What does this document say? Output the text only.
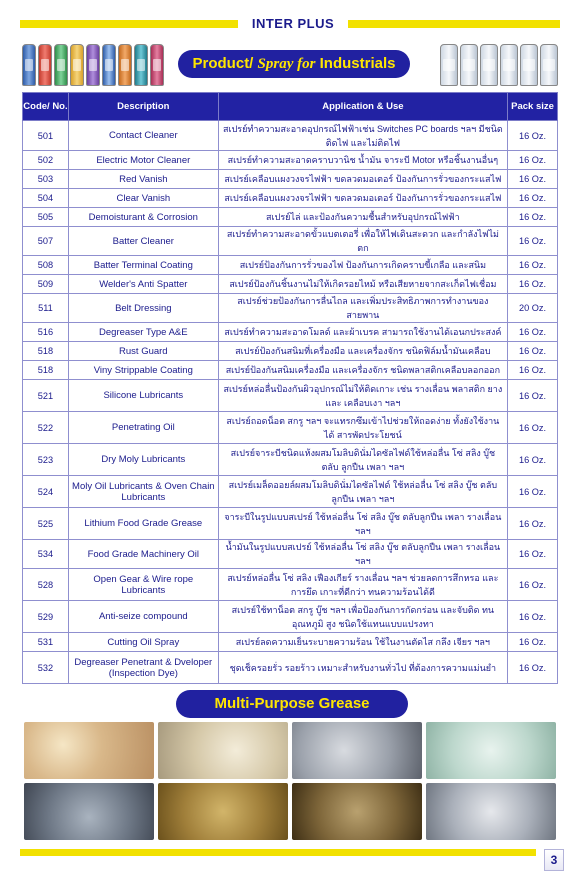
INTER PLUS
Product/ Spray for Industrials
Code/ No.	Description	Application & Use	Pack size
501	Contact Cleaner	สเปรย์ทำความสะอาดอุปกรณ์ไฟฟ้าเช่น Switches PC boards ฯลฯ มีชนิดติดไฟ และไม่ติดไฟ	16 Oz.
502	Electric Motor Cleaner	สเปรย์ทำความสะอาดคราบวานิช น้ำมัน จาระบี Motor หรือชิ้นงานอื่นๆ	16 Oz.
503	Red Vanish	สเปรย์เคลือบแผงวงจรไฟฟ้า ขดลวดมอเตอร์ ป้องกันการรั่วของกระแสไฟ	16 Oz.
504	Clear Vanish	สเปรย์เคลือบแผงวงจรไฟฟ้า ขดลวดมอเตอร์ ป้องกันการรั่วของกระแสไฟ	16 Oz.
505	Demoisturant & Corrosion	สเปรย์ไล่ และป้องกันความชื้นสำหรับอุปกรณ์ไฟฟ้า	16 Oz.
507	Batter Cleaner	สเปรย์ทำความสะอาดขั้วแบตเตอรี่ เพื่อให้ไฟเดินสะดวก และกำลังไฟไม่ตก	16 Oz.
508	Batter Terminal Coating	สเปรย์ป้องกันการรั่วของไฟ ป้องกันการเกิดคราบขี้เกลือ และสนิม	16 Oz.
509	Welder's Anti Spatter	สเปรย์ป้องกันชิ้นงานไม่ให้เกิดรอยไหม้ หรือเสียหายจากสะเก็ดไฟเชื่อม	16 Oz.
511	Belt Dressing	สเปรย์ช่วยป้องกันการลื่นไถล และเพิ่มประสิทธิภาพการทำงานของสายพาน	20 Oz.
516	Degreaser Type A&E	สเปรย์ทำความสะอาดโมลด์ และผ้าเบรค สามารถใช้งานได้เอนกประสงค์	16 Oz.
518	Rust Guard	สเปรย์ป้องกันสนิมที่เครื่องมือ และเครื่องจักร ชนิดฟิล์มน้ำมันเคลือบ	16 Oz.
518	Viny Strippable Coating	สเปรย์ป้องกันสนิมเครื่องมือ และเครื่องจักร ชนิดพลาสติกเคลือบลอกออก	16 Oz.
521	Silicone Lubricants	สเปรย์หล่อลื่นป้องกันผิวอุปกรณ์ไม่ให้ติดเกาะ เช่น รางเลื่อน พลาสติก ยาง และ เคลือบเงา ฯลฯ	16 Oz.
522	Penetrating Oil	สเปรย์ถอดน็อต สกรู ฯลฯ จะแทรกซึมเข้าไปช่วยให้ถอดง่าย ทั้งยังใช้งานได้ สารพัดประโยชน์	16 Oz.
523	Dry Moly Lubricants	สเปรย์จาระบีชนิดแห้งผสมโมลิบดินั่มไดซัลไฟด์ใช้หล่อลื่น โซ่ สลิง บู๊ช ตลับ ลูกปืน เพลา ฯลฯ	16 Oz.
524	Moly Oil Lubricants & Oven Chain Lubricants	สเปรย์เมล็ดออยล์ผสมโมลิบดินั่มไดซัลไฟด์ ใช้หล่อลื่น โซ่ สลิง บู๊ช ตลับลูกปืน เพลา ฯลฯ	16 Oz.
525	Lithium Food Grade Grease	จาระบีในรูปแบบสเปรย์ ใช้หล่อลื่น โซ่ สลิง บู๊ช ตลับลูกปืน เพลา รางเลื่อน ฯลฯ	16 Oz.
534	Food Grade Machinery Oil	น้ำมันในรูปแบบสเปรย์ ใช้หล่อลื่น โซ่ สลิง บู๊ช ตลับลูกปืน เพลา รางเลื่อน ฯลฯ	16 Oz.
528	Open Gear & Wire rope Lubricants	สเปรย์หล่อลื่น โซ่ สลิง เฟืองเกียร์ รางเลื่อน ฯลฯ ช่วยลดการสึกหรอ และการยึด เกาะที่ดีกว่า ทนความร้อนได้ดี	16 Oz.
529	Anti-seize compound	สเปรย์ใช้ทาน็อต สกรู บู๊ช ฯลฯ เพื่อป้องกันการกัดกร่อน และจับติด ทนอุณหภูมิ สูง ชนิดใช้แทนแบบแปรงทา	16 Oz.
531	Cutting Oil Spray	สเปรย์ลดความเย็นระบายความร้อน ใช้ในงานตัดไส กลึง เจียร ฯลฯ	16 Oz.
532	Degreaser Penetrant & Dveloper (Inspection Dye)	ชุดเช็ครอยรั่ว รอยร้าว เหมาะสำหรับงานทั่วไป ที่ต้องการความแม่นยำ	16 Oz.
Multi-Purpose Grease
3
